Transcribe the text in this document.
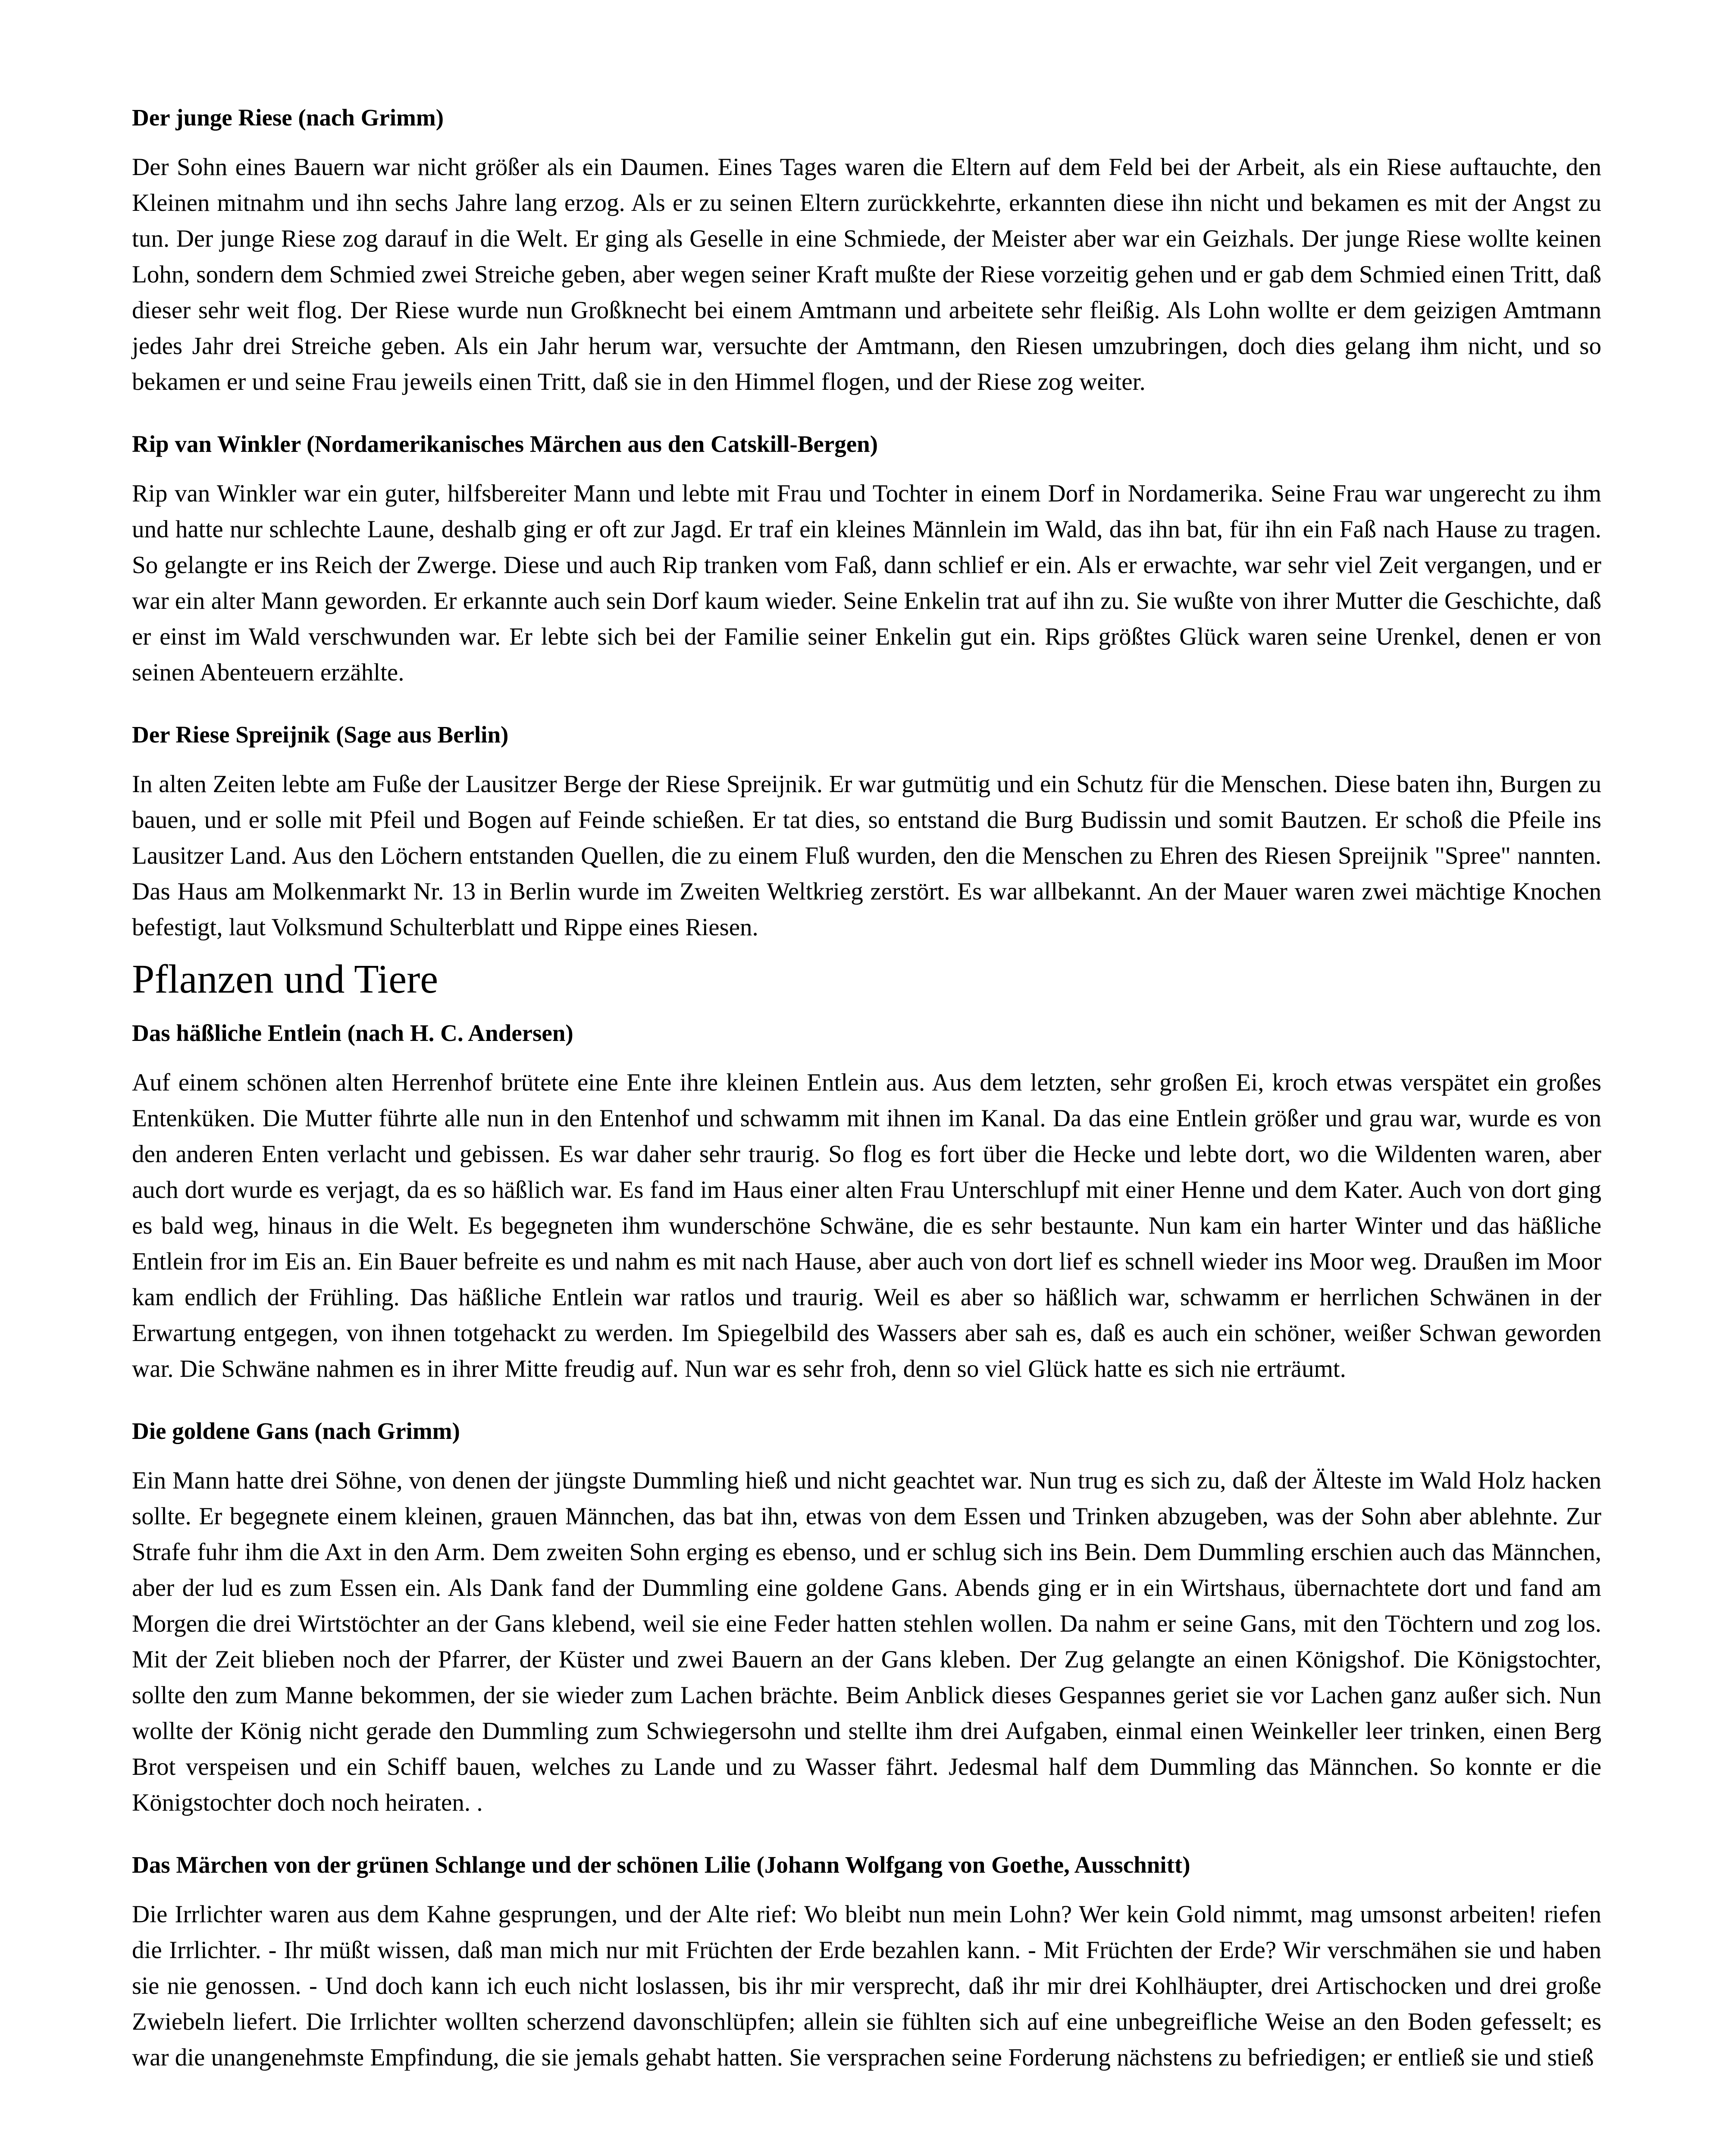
Der junge Riese (nach Grimm)

Der Sohn eines Bauern war nicht größer als ein Daumen. Eines Tages waren die Eltern auf dem Feld bei der Arbeit, als ein Riese auftauchte, den Kleinen mitnahm und ihn sechs Jahre lang erzog. Als er zu seinen Eltern zurückkehrte, erkannten diese ihn nicht und bekamen es mit der Angst zu tun. Der junge Riese zog darauf in die Welt. Er ging als Geselle in eine Schmiede, der Meister aber war ein Geizhals. Der junge Riese wollte keinen Lohn, sondern dem Schmied zwei Streiche geben, aber wegen seiner Kraft mußte der Riese vorzeitig gehen und er gab dem Schmied einen Tritt, daß dieser sehr weit flog. Der Riese wurde nun Großknecht bei einem Amtmann und arbeitete sehr fleißig. Als Lohn wollte er dem geizigen Amtmann jedes Jahr drei Streiche geben. Als ein Jahr herum war, versuchte der Amtmann, den Riesen umzubringen, doch dies gelang ihm nicht, und so bekamen er und seine Frau jeweils einen Tritt, daß sie in den Himmel flogen, und der Riese zog weiter.

Rip van Winkler (Nordamerikanisches Märchen aus den Catskill-Bergen)

Rip van Winkler war ein guter, hilfsbereiter Mann und lebte mit Frau und Tochter in einem Dorf in Nordamerika. Seine Frau war ungerecht zu ihm und hatte nur schlechte Laune, deshalb ging er oft zur Jagd. Er traf ein kleines Männlein im Wald, das ihn bat, für ihn ein Faß nach Hause zu tragen. So gelangte er ins Reich der Zwerge. Diese und auch Rip tranken vom Faß, dann schlief er ein. Als er erwachte, war sehr viel Zeit vergangen, und er war ein alter Mann geworden. Er erkannte auch sein Dorf kaum wieder. Seine Enkelin trat auf ihn zu. Sie wußte von ihrer Mutter die Geschichte, daß er einst im Wald verschwunden war. Er lebte sich bei der Familie seiner Enkelin gut ein. Rips größtes Glück waren seine Urenkel, denen er von seinen Abenteuern erzählte.

Der Riese Spreijnik (Sage aus Berlin)

In alten Zeiten lebte am Fuße der Lausitzer Berge der Riese Spreijnik. Er war gutmütig und ein Schutz für die Menschen. Diese baten ihn, Burgen zu bauen, und er solle mit Pfeil und Bogen auf Feinde schießen. Er tat dies, so entstand die Burg Budissin und somit Bautzen. Er schoß die Pfeile ins Lausitzer Land. Aus den Löchern entstanden Quellen, die zu einem Fluß wurden, den die Menschen zu Ehren des Riesen Spreijnik "Spree" nannten. Das Haus am Molkenmarkt Nr. 13 in Berlin wurde im Zweiten Weltkrieg zerstört. Es war allbekannt. An der Mauer waren zwei mächtige Knochen befestigt, laut Volksmund Schulterblatt und Rippe eines Riesen.

Pflanzen und Tiere
Das häßliche Entlein (nach H. C. Andersen)

Auf einem schönen alten Herrenhof brütete eine Ente ihre kleinen Entlein aus. Aus dem letzten, sehr großen Ei, kroch etwas verspätet ein großes Entenküken. Die Mutter führte alle nun in den Entenhof und schwamm mit ihnen im Kanal. Da das eine Entlein größer und grau war, wurde es von den anderen Enten verlacht und gebissen. Es war daher sehr traurig. So flog es fort über die Hecke und lebte dort, wo die Wildenten waren, aber auch dort wurde es verjagt, da es so häßlich war. Es fand im Haus einer alten Frau Unterschlupf mit einer Henne und dem Kater. Auch von dort ging es bald weg, hinaus in die Welt. Es begegneten ihm wunderschöne Schwäne, die es sehr bestaunte. Nun kam ein harter Winter und das häßliche Entlein fror im Eis an. Ein Bauer befreite es und nahm es mit nach Hause, aber auch von dort lief es schnell wieder ins Moor weg. Draußen im Moor kam endlich der Frühling. Das häßliche Entlein war ratlos und traurig. Weil es aber so häßlich war, schwamm er herrlichen Schwänen in der Erwartung entgegen, von ihnen totgehackt zu werden. Im Spiegelbild des Wassers aber sah es, daß es auch ein schöner, weißer Schwan geworden war. Die Schwäne nahmen es in ihrer Mitte freudig auf. Nun war es sehr froh, denn so viel Glück hatte es sich nie erträumt.

Die goldene Gans (nach Grimm)

Ein Mann hatte drei Söhne, von denen der jüngste Dummling hieß und nicht geachtet war. Nun trug es sich zu, daß der Älteste im Wald Holz hacken sollte. Er begegnete einem kleinen, grauen Männchen, das bat ihn, etwas von dem Essen und Trinken abzugeben, was der Sohn aber ablehnte. Zur Strafe fuhr ihm die Axt in den Arm. Dem zweiten Sohn erging es ebenso, und er schlug sich ins Bein. Dem Dummling erschien auch das Männchen, aber der lud es zum Essen ein. Als Dank fand der Dummling eine goldene Gans. Abends ging er in ein Wirtshaus, übernachtete dort und fand am Morgen die drei Wirtstöchter an der Gans klebend, weil sie eine Feder hatten stehlen wollen. Da nahm er seine Gans, mit den Töchtern und zog los. Mit der Zeit blieben noch der Pfarrer, der Küster und zwei Bauern an der Gans kleben. Der Zug gelangte an einen Königshof. Die Königstochter, sollte den zum Manne bekommen, der sie wieder zum Lachen brächte. Beim Anblick dieses Gespannes geriet sie vor Lachen ganz außer sich. Nun wollte der König nicht gerade den Dummling zum Schwiegersohn und stellte ihm drei Aufgaben, einmal einen Weinkeller leer trinken, einen Berg Brot verspeisen und ein Schiff bauen, welches zu Lande und zu Wasser fährt. Jedesmal half dem Dummling das Männchen. So konnte er die Königstochter doch noch heiraten. .

Das Märchen von der grünen Schlange und der schönen Lilie (Johann Wolfgang von Goethe, Ausschnitt)

Die Irrlichter waren aus dem Kahne gesprungen, und der Alte rief: Wo bleibt nun mein Lohn? Wer kein Gold nimmt, mag umsonst arbeiten! riefen die Irrlichter. - Ihr müßt wissen, daß man mich nur mit Früchten der Erde bezahlen kann. - Mit Früchten der Erde? Wir verschmähen sie und haben sie nie genossen. - Und doch kann ich euch nicht loslassen, bis ihr mir versprecht, daß ihr mir drei Kohlhäupter, drei Artischocken und drei große Zwiebeln liefert. Die Irrlichter wollten scherzend davonschlüpfen; allein sie fühlten sich auf eine unbegreifliche Weise an den Boden gefesselt; es war die unangenehmste Empfindung, die sie jemals gehabt hatten. Sie versprachen seine Forderung nächstens zu befriedigen; er entließ sie und stieß
